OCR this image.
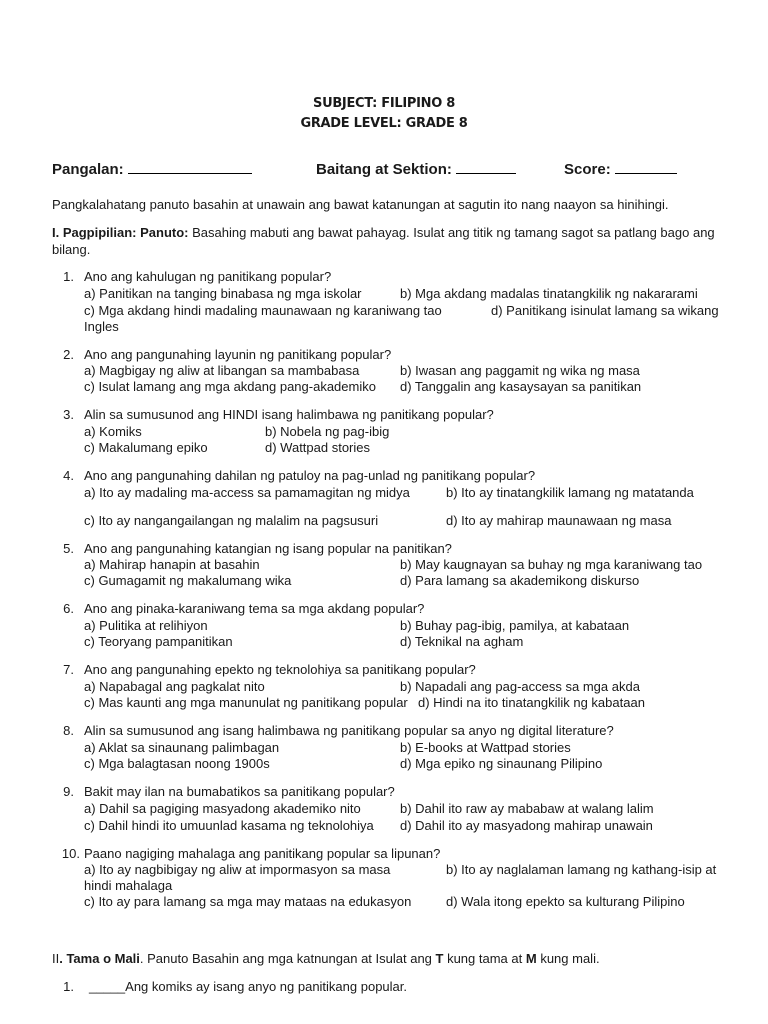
SUBJECT: FILIPINO 8
GRADE LEVEL: GRADE 8
Pangalan:	Baitang at Sektion:	Score:
Pangkalahatang panuto basahin at unawain ang bawat katanungan at sagutin ito nang naayon sa hinihingi.
I. Pagpipilian: Panuto: Basahing mabuti ang bawat pahayag. Isulat ang titik ng tamang sagot sa patlang bago ang bilang.
1. Ano ang kahulugan ng panitikang popular?
a) Panitikan na tanging binabasa ng mga iskolar	b) Mga akdang madalas tinatangkilik ng nakararami
c) Mga akdang hindi madaling maunawaan ng karaniwang tao	d) Panitikang isinulat lamang sa wikang
Ingles
2. Ano ang pangunahing layunin ng panitikang popular?
a) Magbigay ng aliw at libangan sa mambabasa	b) Iwasan ang paggamit ng wika ng masa
c) Isulat lamang ang mga akdang pang-akademiko d) Tanggalin ang kasaysayan sa panitikan
3. Alin sa sumusunod ang HINDI isang halimbawa ng panitikang popular?
a) Komiks	b) Nobela ng pag-ibig
c) Makalumang epiko	d) Wattpad stories
4. Ano ang pangunahing dahilan ng patuloy na pag-unlad ng panitikang popular?
a) Ito ay madaling ma-access sa pamamagitan ng midya	b) Ito ay tinatangkilik lamang ng matatanda
c) Ito ay nangangailangan ng malalim na pagsusuri	d) Ito ay mahirap maunawaan ng masa
5. Ano ang pangunahing katangian ng isang popular na panitikan?
a) Mahirap hanapin at basahin	b) May kaugnayan sa buhay ng mga karaniwang tao
c) Gumagamit ng makalumang wika	d) Para lamang sa akademikong diskurso
6. Ano ang pinaka-karaniwang tema sa mga akdang popular?
a) Pulitika at relihiyon	b) Buhay pag-ibig, pamilya, at kabataan
c) Teoryang pampanitikan	d) Teknikal na agham
7. Ano ang pangunahing epekto ng teknolohiya sa panitikang popular?
a) Napabagal ang pagkalat nito	b) Napadali ang pag-access sa mga akda
c) Mas kaunti ang mga manunulat ng panitikang popular d) Hindi na ito tinatangkilik ng kabataan
8. Alin sa sumusunod ang isang halimbawa ng panitikang popular sa anyo ng digital literature?
a) Aklat sa sinaunang palimbagan	b) E-books at Wattpad stories
c) Mga balagtasan noong 1900s	d) Mga epiko ng sinaunang Pilipino
9. Bakit may ilan na bumabatikos sa panitikang popular?
a) Dahil sa pagiging masyadong akademiko nito	b) Dahil ito raw ay mababaw at walang lalim
c) Dahil hindi ito umuunlad kasama ng teknolohiya d) Dahil ito ay masyadong mahirap unawain
10. Paano nagiging mahalaga ang panitikang popular sa lipunan?
a) Ito ay nagbibigay ng aliw at impormasyon sa masa	b) Ito ay naglalaman lamang ng kathang-isip at
hindi mahalaga
c) Ito ay para lamang sa mga may mataas na edukasyon	d) Wala itong epekto sa kulturang Pilipino
II. Tama o Mali. Panuto Basahin ang mga katnungan at Isulat ang T kung tama at M kung mali.
1. _____Ang komiks ay isang anyo ng panitikang popular.
